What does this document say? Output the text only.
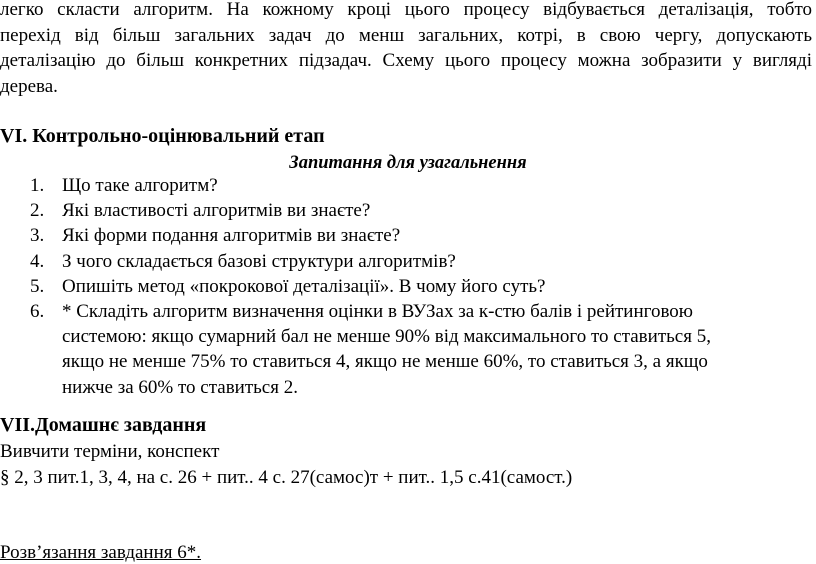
легко скласти алгоритм. На кожному кроці цього процесу відбувається деталізація, тобто
перехід від більш загальних задач до менш загальних, котрі, в свою чергу, допускають
деталізацію до більш конкретних підзадач. Схему цього процесу можна зобразити у вигляді
дерева.
VI. Контрольно-оцінювальний етап
Запитання для узагальнення
1. Що таке алгоритм?
2. Які властивості алгоритмів ви знаєте?
3. Які форми подання алгоритмів ви знаєте?
4. З чого складається базові структури алгоритмів?
5. Опишіть метод «покрокової деталізації». В чому його суть?
6. * Складіть алгоритм визначення оцінки в ВУЗах за к-стю балів і рейтинговою
системою: якщо сумарний бал не менше 90% від максимального то ставиться 5,
якщо не менше 75% то ставиться 4, якщо не менше 60%, то ставиться 3, а якщо
нижче за 60% то ставиться 2.
VII.Домашнє завдання
Вивчити терміни, конспект
§ 2, 3 пит.1, 3, 4, на с. 26 + пит.. 4 с. 27(самос)т + пит.. 1,5 с.41(самост.)
Розв’язання завдання 6*.
